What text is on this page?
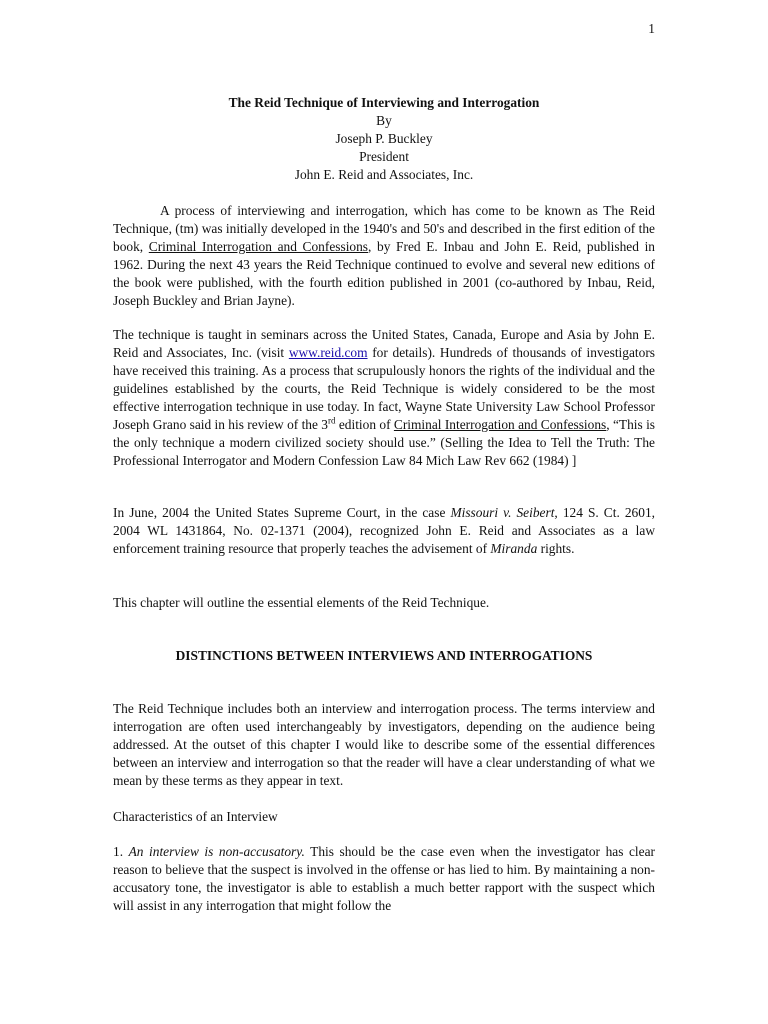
1
The Reid Technique of Interviewing and Interrogation
By
Joseph P. Buckley
President
John E. Reid and Associates, Inc.
A process of interviewing and interrogation, which has come to be known as The Reid Technique, (tm) was initially developed in the 1940's and 50's and described in the first edition of the book, Criminal Interrogation and Confessions, by Fred E. Inbau and John E. Reid, published in 1962. During the next 43 years the Reid Technique continued to evolve and several new editions of the book were published, with the fourth edition published in 2001 (co-authored by Inbau, Reid, Joseph Buckley and Brian Jayne).
The technique is taught in seminars across the United States, Canada, Europe and Asia by John E. Reid and Associates, Inc. (visit www.reid.com for details). Hundreds of thousands of investigators have received this training. As a process that scrupulously honors the rights of the individual and the guidelines established by the courts, the Reid Technique is widely considered to be the most effective interrogation technique in use today. In fact, Wayne State University Law School Professor Joseph Grano said in his review of the 3rd edition of Criminal Interrogation and Confessions, “This is the only technique a modern civilized society should use.” (Selling the Idea to Tell the Truth: The Professional Interrogator and Modern Confession Law 84 Mich Law Rev 662 (1984) ]
In June, 2004 the United States Supreme Court, in the case Missouri v. Seibert, 124 S. Ct. 2601, 2004 WL 1431864, No. 02-1371 (2004), recognized John E. Reid and Associates as a law enforcement training resource that properly teaches the advisement of Miranda rights.
This chapter will outline the essential elements of the Reid Technique.
DISTINCTIONS BETWEEN INTERVIEWS AND INTERROGATIONS
The Reid Technique includes both an interview and interrogation process. The terms interview and interrogation are often used interchangeably by investigators, depending on the audience being addressed. At the outset of this chapter I would like to describe some of the essential differences between an interview and interrogation so that the reader will have a clear understanding of what we mean by these terms as they appear in text.
Characteristics of an Interview
1. An interview is non-accusatory. This should be the case even when the investigator has clear reason to believe that the suspect is involved in the offense or has lied to him. By maintaining a non-accusatory tone, the investigator is able to establish a much better rapport with the suspect which will assist in any interrogation that might follow the
